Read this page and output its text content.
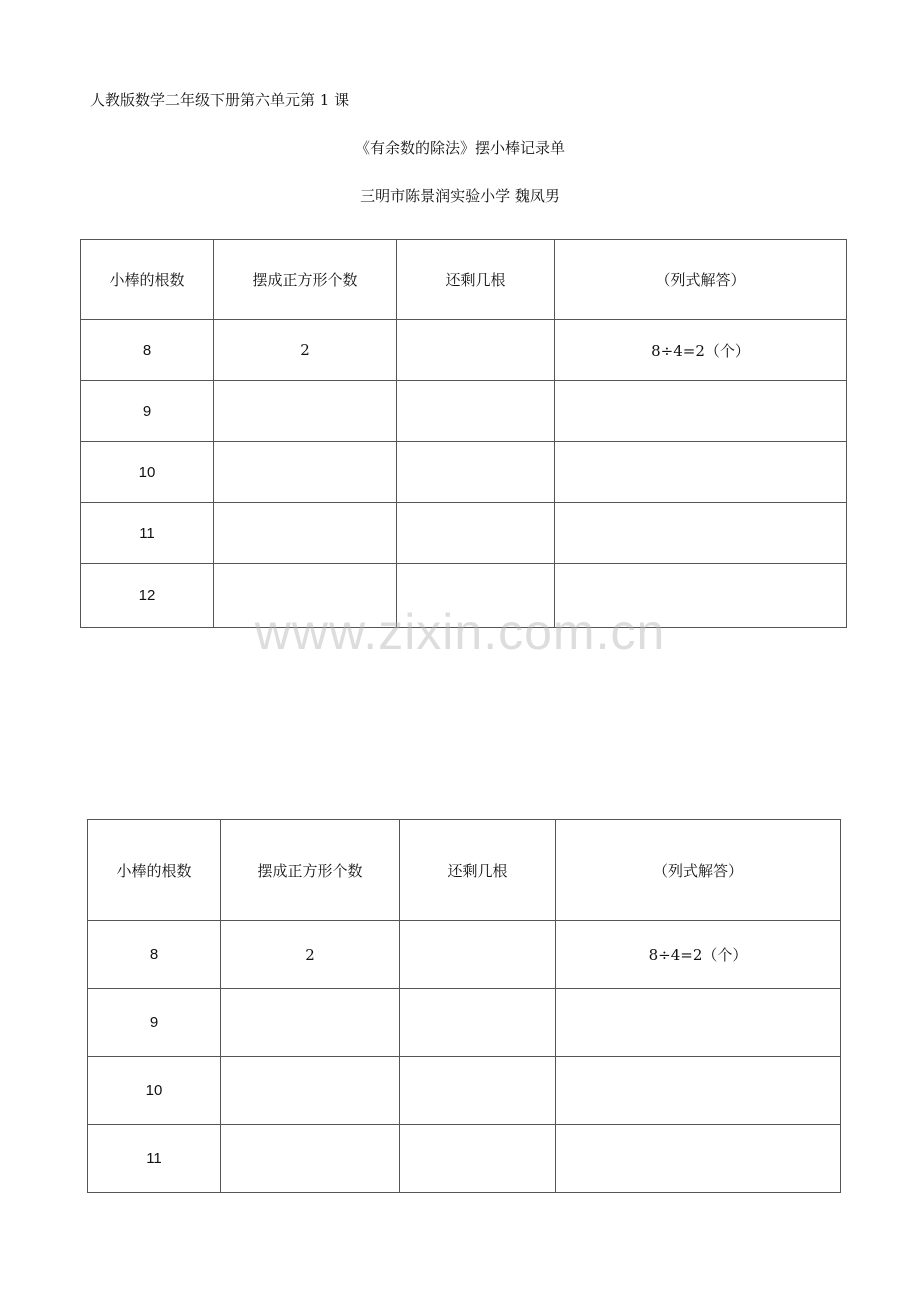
人教版数学二年级下册第六单元第 1 课
《有余数的除法》摆小棒记录单
三明市陈景润实验小学 魏凤男
小棒的根数	摆成正方形个数	还剩几根	（列式解答）
8	2		8÷4=2（个）
9			
10			
11			
12			
www.zixin.com.cn
小棒的根数	摆成正方形个数	还剩几根	（列式解答）
8	2		8÷4=2（个）
9			
10			
11			
